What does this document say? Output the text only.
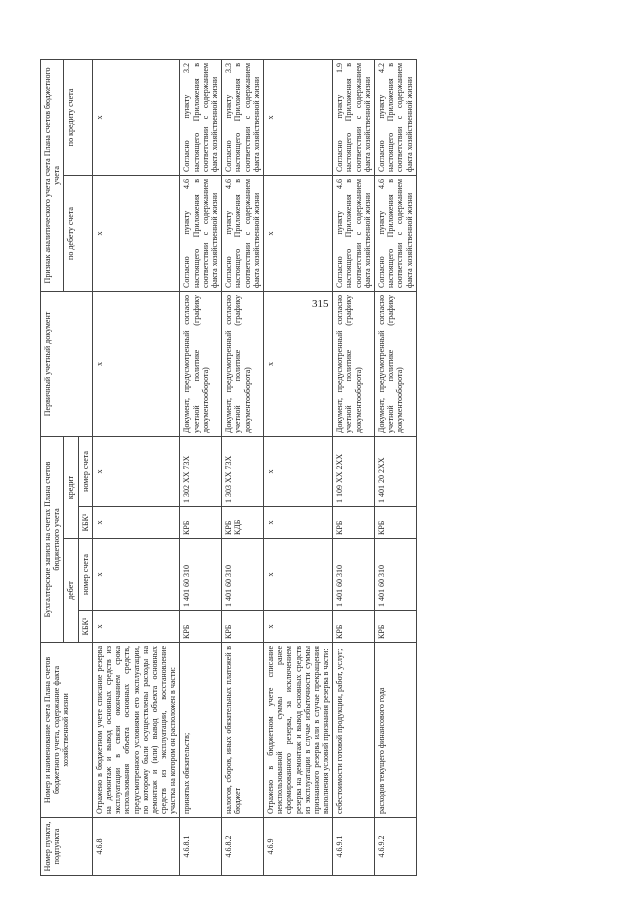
315
Номер пункта, подпункта	Номер и наименование счета Плана счетов бюджетного учета, содержание факта хозяйственной жизни	Бухгалтерские записи на счетах Плана счетов бюджетного учета				Первичный учетный документ	Признак аналитического учета счета Плана счетов бюджетного учета	
		дебет		кредит			по дебету счета	по кредиту счета
		КБК¹	номер счета	КБК¹	номер счета			
4.6.8	Отражено в бюджетном учете списание резерва на демонтаж и вывод основных средств из эксплуатации в связи окончанием срока использования объекта основных средств, предусмотренного условиями его эксплуатации, по которому были осуществлены расходы на демонтаж и (или) вывод объекта основных средств из эксплуатации, восстановление участка на котором он расположен в части:	х	х	х	х	х	х	х
4.6.8.1	принятых обязательств;	КРБ	1 401 60 310	КРБ	1 302 ХХ 73Х	Документ, предусмотренный согласно учетной политике (графику документооборота)	Согласно пункту 4.6 настоящего Приложения в соответствии с содержанием факта хозяйственной жизни	Согласно пункту 3.2 настоящего Приложения в соответствии с содержанием факта хозяйственной жизни
4.6.8.2	налогов, сборов, иных обязательных платежей в бюджет	КРБ	1 401 60 310	КРБ КДБ	1 303 ХХ 73Х	Документ, предусмотренный согласно учетной политике (графику документооборота)	Согласно пункту 4.6 настоящего Приложения в соответствии с содержанием факта хозяйственной жизни	Согласно пункту 3.3 настоящего Приложения в соответствии с содержанием факта хозяйственной жизни
4.6.9	Отражено в бюджетном учете списание неиспользованной суммы ранее сформированного резерва, за исключением резерва на демонтаж и вывод основных средств из эксплуатации в случае избыточности суммы признанного резерва или в случае прекращения выполнения условий признания резерва в части:	х	х	х	х	х	х	х
4.6.9.1	себестоимости готовой продукции, работ, услуг;	КРБ	1 401 60 310	КРБ	1 109 ХХ 2ХХ	Документ, предусмотренный согласно учетной политике (графику документооборота)	Согласно пункту 4.6 настоящего Приложения в соответствии с содержанием факта хозяйственной жизни	Согласно пункту 1.9 настоящего Приложения в соответствии с содержанием факта хозяйственной жизни
4.6.9.2	расходов текущего финансового года	КРБ	1 401 60 310	КРБ	1 401 20 2ХХ	Документ, предусмотренный согласно учетной политике (графику документооборота)	Согласно пункту 4.6 настоящего Приложения в соответствии с содержанием факта хозяйственной жизни	Согласно пункту 4.2 настоящего Приложения в соответствии с содержанием факта хозяйственной жизни
